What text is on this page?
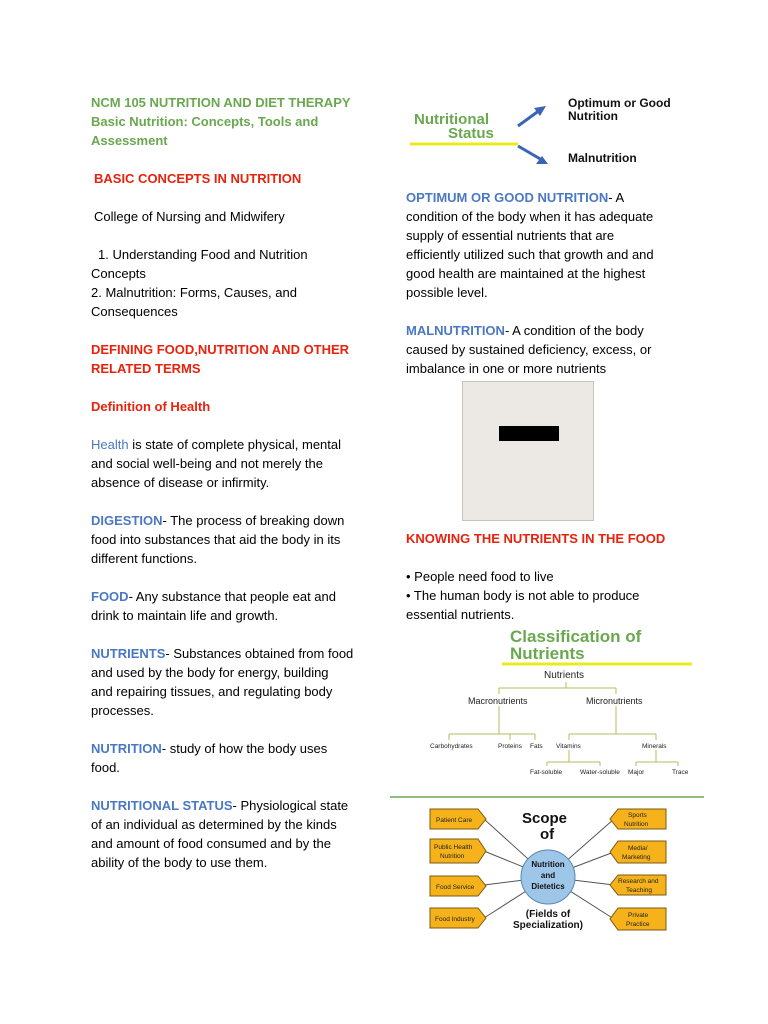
NCM 105 NUTRITION AND DIET THERAPY

Basic Nutrition: Concepts, Tools and

Assessment

BASIC CONCEPTS IN NUTRITION

College of Nursing and Midwifery

1. Understanding Food and Nutrition

Concepts

2. Malnutrition: Forms, Causes, and

Consequences

DEFINING FOOD,NUTRITION AND OTHER

RELATED TERMS

Definition of Health

Health is state of complete physical, mental

and social well-being and not merely the

absence of disease or infirmity.

DIGESTION- The process of breaking down

food into substances that aid the body in its

different functions.

FOOD- Any substance that people eat and

drink to maintain life and growth.

NUTRIENTS- Substances obtained from food

and used by the body for energy, building

and repairing tissues, and regulating body

processes.

NUTRITION- study of how the body uses

food.

NUTRITIONAL STATUS- Physiological state

of an individual as determined by the kinds

and amount of food consumed and by the

ability of the body to use them.

Nutritional
Status
Optimum or Good
Nutrition
Malnutrition

OPTIMUM OR GOOD NUTRITION- A

condition of the body when it has adequate

supply of essential nutrients that are

efficiently utilized such that growth and and

good health are maintained at the highest

possible level.

MALNUTRITION- A condition of the body

caused by sustained deficiency, excess, or

imbalance in one or more nutrients

KNOWING THE NUTRIENTS IN THE FOOD

• People need food to live

• The human body is not able to produce

essential nutrients.

Classification of
Nutrients
Nutrients
Macronutrients	Micronutrients
Carbohydrates	Proteins Fats Vitamins	Minerals
Fat-soluble	Water-soluble Major	Trace
Patient Care
Public Health
Nutrition
Food Service
Food Industry
Sports
Nutrition
Media/
Marketing
Research and
Teaching
Private
Practice
Scope
of
Nutrition
and
Dietetics
(Fields of
Specialization)
